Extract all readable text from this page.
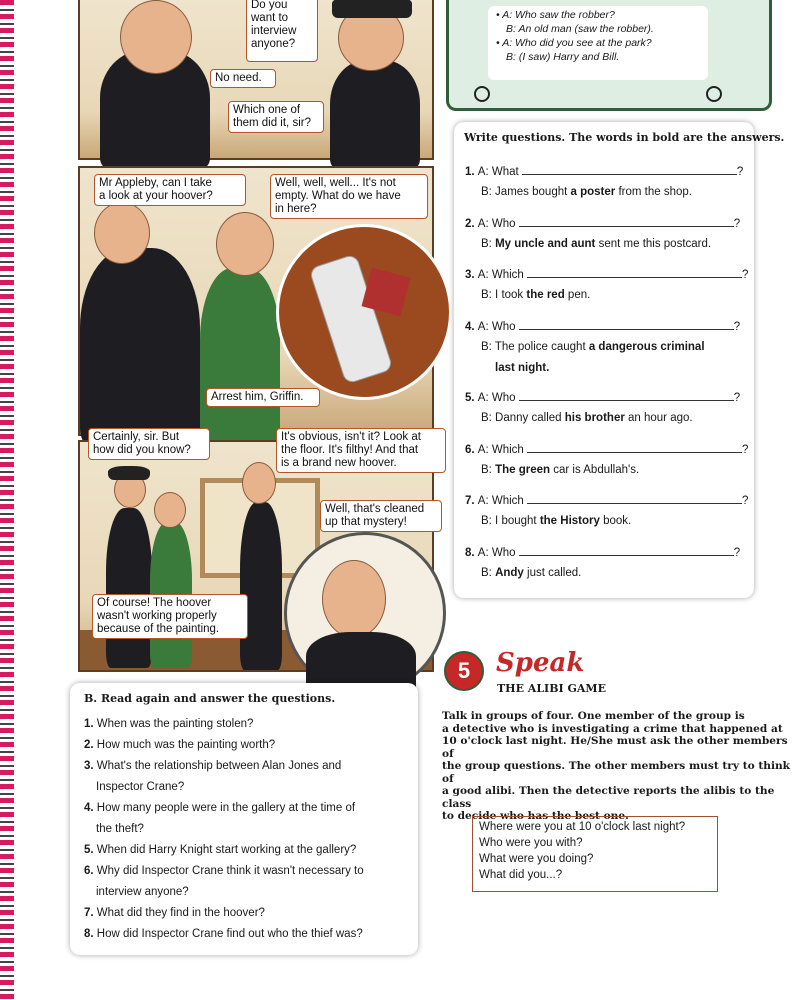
Do you
want to
interview
anyone?
No need.
Which one of
them did it, sir?
Mr Appleby, can I take
a look at your hoover?
Well, well, well... It's not
empty. What do we have
in here?
Arrest him, Griffin.
Certainly, sir. But
how did you know?
It's obvious, isn't it? Look at
the floor. It's filthy! And that
is a brand new hoover.
Well, that's cleaned
up that mystery!
Of course! The hoover
wasn't working properly
because of the painting.
• A: Who saw the robber?
B: An old man (saw the robber).
• A: Who did you see at the park?
B: (I saw) Harry and Bill.
Write questions. The words in bold are the answers.
1. A: What	?
B: James bought a poster from the shop.
2. A: Who	?
B: My uncle and aunt sent me this postcard.
3. A: Which	?
B: I took the red pen.
4. A: Who	?
B: The police caught a dangerous criminal
last night.
5. A: Who	?
B: Danny called his brother an hour ago.
6. A: Which	?
B: The green car is Abdullah's.
7. A: Which	?
B: I bought the History book.
8. A: Who	?
B: Andy just called.
B. Read again and answer the questions.
1. When was the painting stolen?
2. How much was the painting worth?
3. What's the relationship between Alan Jones and
Inspector Crane?
4. How many people were in the gallery at the time of
the theft?
5. When did Harry Knight start working at the gallery?
6. Why did Inspector Crane think it wasn't necessary to
interview anyone?
7. What did they find in the hoover?
8. How did Inspector Crane find out who the thief was?
5 Speak
THE ALIBI GAME
Talk in groups of four. One member of the group is
a detective who is investigating a crime that happened at
10 o'clock last night. He/She must ask the other members of
the group questions. The other members must try to think of
a good alibi. Then the detective reports the alibis to the class
to decide who has the best one.
Where were you at 10 o'clock last night?
Who were you with?
What were you doing?
What did you...?
